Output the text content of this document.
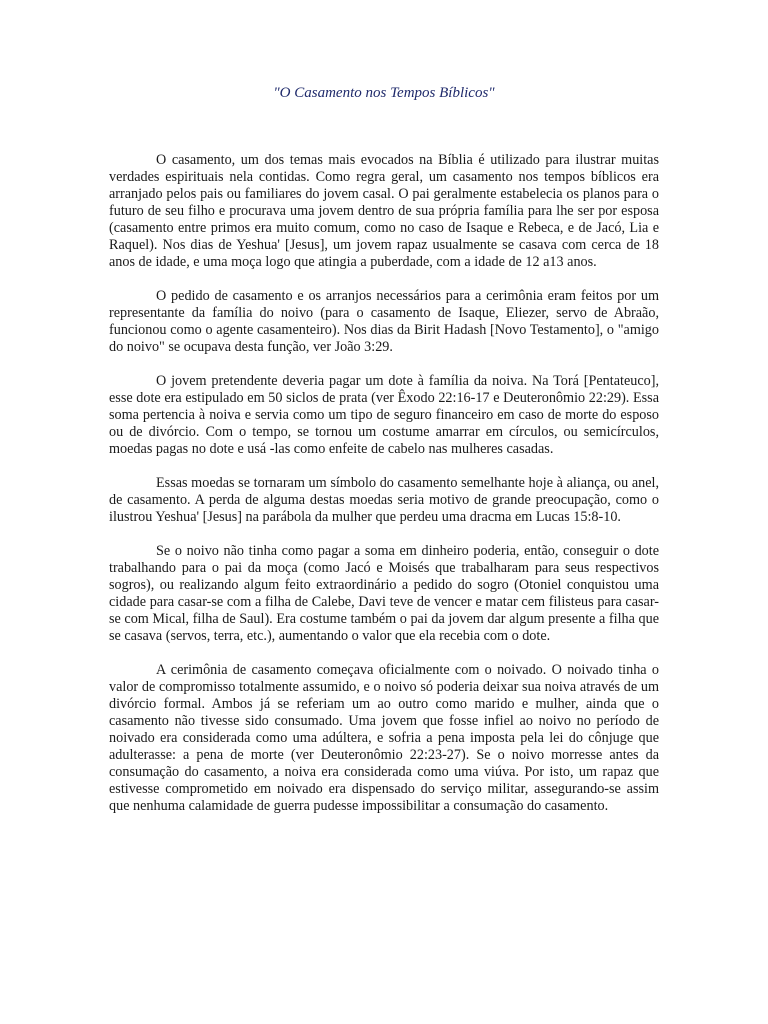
"O Casamento nos Tempos Bíblicos"

O casamento, um dos temas mais evocados na Bíblia é utilizado para ilustrar muitas verdades espirituais nela contidas. Como regra geral, um casamento nos tempos bíblicos era arranjado pelos pais ou familiares do jovem casal. O pai geralmente estabelecia os planos para o futuro de seu filho e procurava uma jovem dentro de sua própria família para lhe ser por esposa (casamento entre primos era muito comum, como no caso de Isaque e Rebeca, e de Jacó, Lia e Raquel). Nos dias de Yeshua' [Jesus], um jovem rapaz usualmente se casava com cerca de 18 anos de idade, e uma moça logo que atingia a puberdade, com a idade de 12 a13 anos.

O pedido de casamento e os arranjos necessários para a cerimônia eram feitos por um representante da família do noivo (para o casamento de Isaque, Eliezer, servo de Abraão, funcionou como o agente casamenteiro). Nos dias da Birit Hadash [Novo Testamento], o "amigo do noivo" se ocupava desta função, ver João 3:29.

O jovem pretendente deveria pagar um dote à família da noiva. Na Torá [Pentateuco], esse dote era estipulado em 50 siclos de prata (ver Êxodo 22:16-17 e Deuteronômio 22:29). Essa soma pertencia à noiva e servia como um tipo de seguro financeiro em caso de morte do esposo ou de divórcio. Com o tempo, se tornou um costume amarrar em círculos, ou semicírculos, moedas pagas no dote e usá -las como enfeite de cabelo nas mulheres casadas.

Essas moedas se tornaram um símbolo do casamento semelhante hoje à aliança, ou anel, de casamento. A perda de alguma destas moedas seria motivo de grande preocupação, como o ilustrou Yeshua' [Jesus] na parábola da mulher que perdeu uma dracma em Lucas 15:8-10.

Se o noivo não tinha como pagar a soma em dinheiro poderia, então, conseguir o dote trabalhando para o pai da moça (como Jacó e Moisés que trabalharam para seus respectivos sogros), ou realizando algum feito extraordinário a pedido do sogro (Otoniel conquistou uma cidade para casar-se com a filha de Calebe, Davi teve de vencer e matar cem filisteus para casar-se com Mical, filha de Saul). Era costume também o pai da jovem dar algum presente a filha que se casava (servos, terra, etc.), aumentando o valor que ela recebia com o dote.

A cerimônia de casamento começava oficialmente com o noivado. O noivado tinha o valor de compromisso totalmente assumido, e o noivo só poderia deixar sua noiva através de um divórcio formal. Ambos já se referiam um ao outro como marido e mulher, ainda que o casamento não tivesse sido consumado. Uma jovem que fosse infiel ao noivo no período de noivado era considerada como uma adúltera, e sofria a pena imposta pela lei do cônjuge que adulterasse: a pena de morte (ver Deuteronômio 22:23-27). Se o noivo morresse antes da consumação do casamento, a noiva era considerada como uma viúva. Por isto, um rapaz que estivesse comprometido em noivado era dispensado do serviço militar, assegurando-se assim que nenhuma calamidade de guerra pudesse impossibilitar a consumação do casamento.
